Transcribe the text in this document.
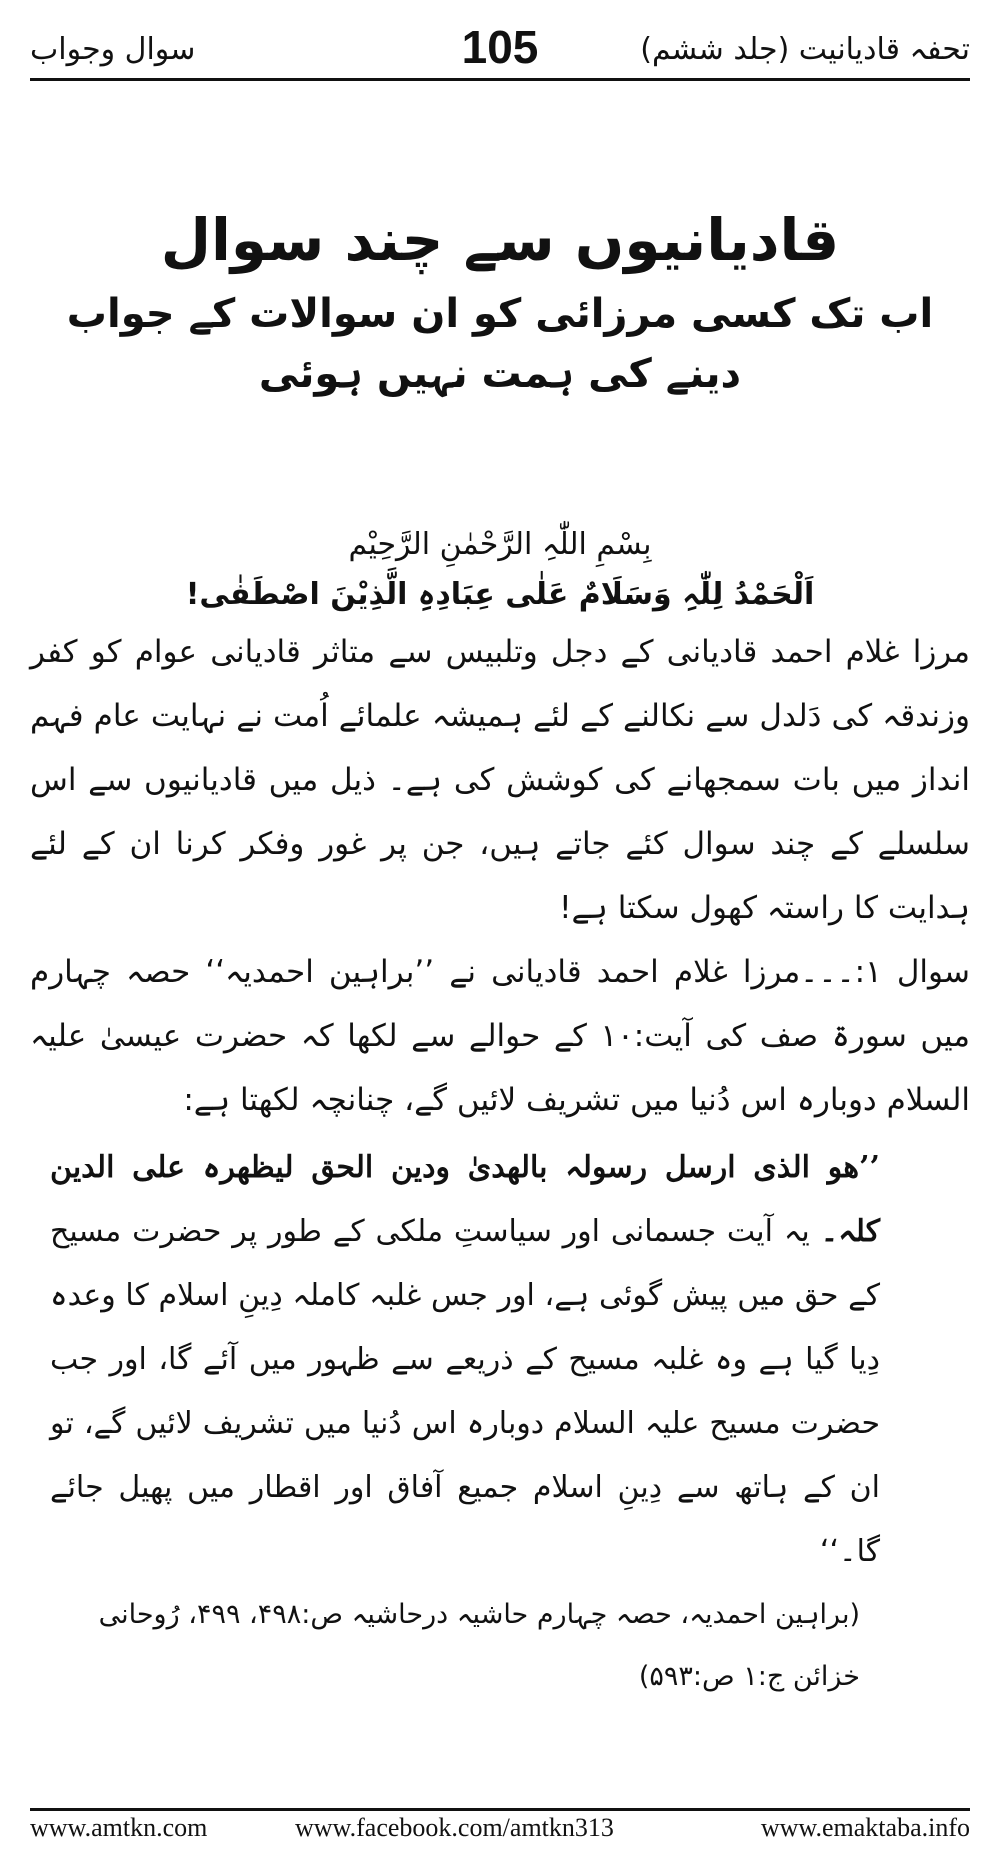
سوال وجواب	105	تحفہ قادیانیت (جلد ششم)
قادیانیوں سے چند سوال
اب تک کسی مرزائی کو ان سوالات کے جواب دینے کی ہمت نہیں ہوئی
بِسْمِ اللّٰہِ الرَّحْمٰنِ الرَّحِیْم
اَلْحَمْدُ لِلّٰہِ وَسَلَامٌ عَلٰی عِبَادِہِ الَّذِیْنَ اصْطَفٰی!

مرزا غلام احمد قادیانی کے دجل وتلبیس سے متاثر قادیانی عوام کو کفر وزندقہ کی دَلدل سے نکالنے کے لئے ہمیشہ علمائے اُمت نے نہایت عام فہم انداز میں بات سمجھانے کی کوشش کی ہے۔ ذیل میں قادیانیوں سے اس سلسلے کے چند سوال کئے جاتے ہیں، جن پر غور وفکر کرنا ان کے لئے ہدایت کا راستہ کھول سکتا ہے!

سوال ۱:۔۔۔مرزا غلام احمد قادیانی نے ’’براہین احمدیہ‘‘ حصہ چہارم میں سورۃ صف کی آیت:۱۰ کے حوالے سے لکھا کہ حضرت عیسیٰ علیہ السلام دوبارہ اس دُنیا میں تشریف لائیں گے، چنانچہ لکھتا ہے:

’’ھو الذی ارسل رسولہ بالھدیٰ ودین الحق لیظھرہ علی الدین کلہ۔ یہ آیت جسمانی اور سیاستِ ملکی کے طور پر حضرت مسیح کے حق میں پیش گوئی ہے، اور جس غلبہ کاملہ دِینِ اسلام کا وعدہ دِیا گیا ہے وہ غلبہ مسیح کے ذریعے سے ظہور میں آئے گا، اور جب حضرت مسیح علیہ السلام دوبارہ اس دُنیا میں تشریف لائیں گے، تو ان کے ہاتھ سے دِینِ اسلام جمیع آفاق اور اقطار میں پھیل جائے گا۔‘‘
(براہین احمدیہ، حصہ چہارم حاشیہ درحاشیہ ص:۴۹۸، ۴۹۹، رُوحانی خزائن ج:۱ ص:۵۹۳)
www.amtkn.com	www.facebook.com/amtkn313	www.emaktaba.info
